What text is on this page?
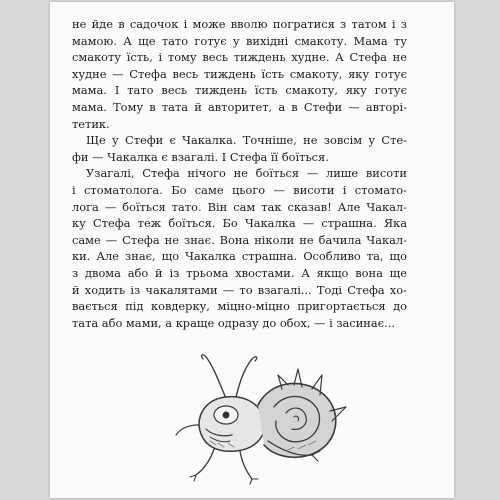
не йде в садочок і може вволю погратися з татом і з
мамою. А ще тато готує у вихідні смакоту. Мама ту
смакоту їсть, і тому весь тиждень худне. А Стефа не
худне — Стефа весь тиждень їсть смакоту, яку готує
мама. І тато весь тиждень їсть смакоту, яку готує
мама. Тому в тата й авторитет, а в Стефи — авторі-
тетик.
Ще у Стефи є Чакалка. Точніше, не зовсім у Сте-
фи — Чакалка є взагалі. І Стефа її боїться.
Узагалі, Стефа нічого не боїться — лише висоти
і стоматолога. Бо саме цього — висоти і стомато-
лога — боїться тато. Він сам так сказав! Але Чакал-
ку Стефа теж боїться. Бо Чакалка — страшна. Яка
саме — Стефа не знає. Вона ніколи не бачила Чакал-
ки. Але знає, що Чакалка страшна. Особливо та, що
з двома або й із трьома хвостами. А якщо вона ще
й ходить із чакалятами — то взагалі... Тоді Стефа хо-
вається під ковдерку, міцно-міцно пригортається до
тата або мами, а краще одразу до обох, — і засинає...
